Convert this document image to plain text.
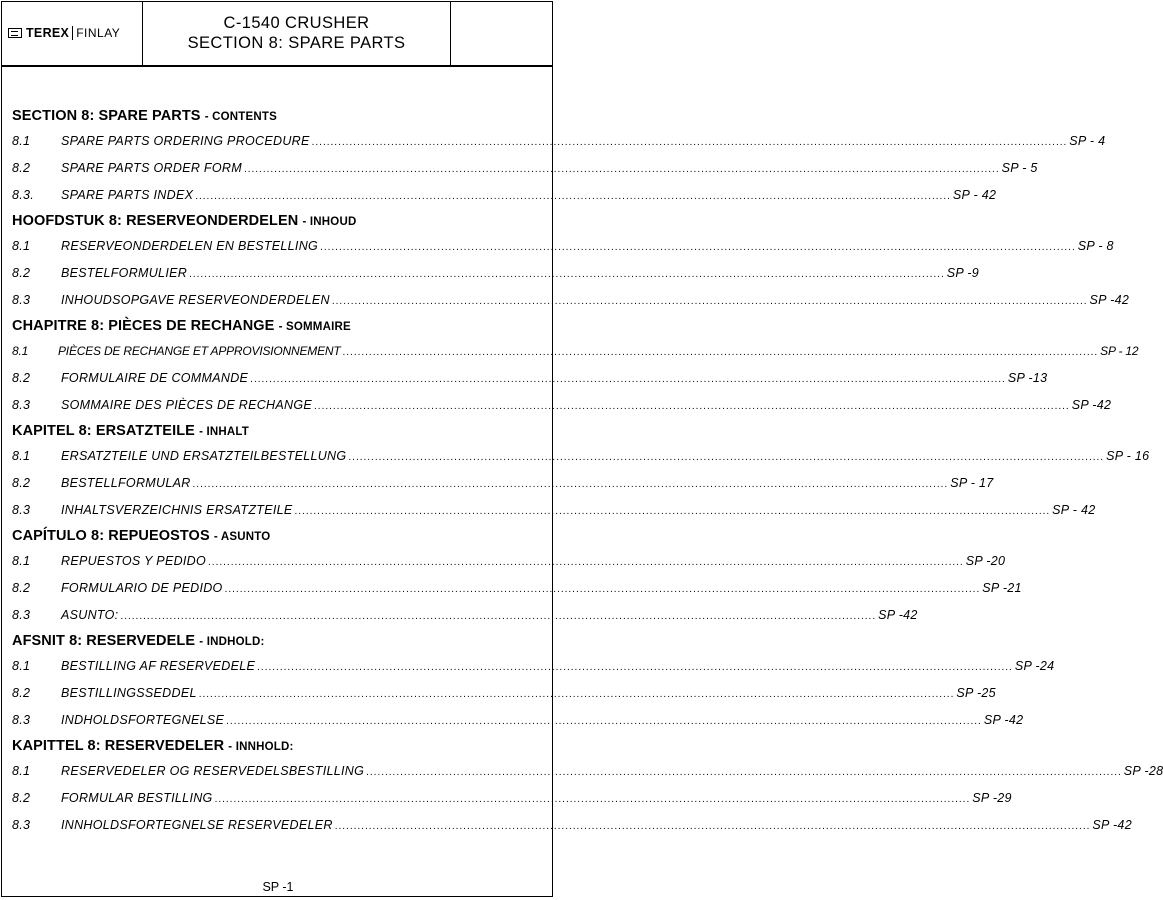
TEREX FINLAY
C-1540 CRUSHER
SECTION 8: SPARE PARTS
SECTION 8: SPARE PARTS - CONTENTS
8.1	SPARE PARTS ORDERING PROCEDURE ........................................................................................................................................................................................................ SP - 4
8.2	SPARE PARTS ORDER FORM ........................................................................................................................................................................................................ SP - 5
8.3.	SPARE PARTS INDEX ........................................................................................................................................................................................................ SP - 42
HOOFDSTUK 8: RESERVEONDERDELEN - INHOUD
8.1	RESERVEONDERDELEN EN BESTELLING ........................................................................................................................................................................................................ SP - 8
8.2	BESTELFORMULIER ........................................................................................................................................................................................................ SP -9
8.3	INHOUDSOPGAVE RESERVEONDERDELEN ........................................................................................................................................................................................................ SP -42
CHAPITRE 8: PIÈCES DE RECHANGE - SOMMAIRE
8.1	PIÈCES DE RECHANGE ET APPROVISIONNEMENT ........................................................................................................................................................................................................ SP - 12
8.2	FORMULAIRE DE COMMANDE ........................................................................................................................................................................................................ SP -13
8.3	SOMMAIRE DES PIÈCES DE RECHANGE ........................................................................................................................................................................................................ SP -42
KAPITEL 8: ERSATZTEILE - INHALT
8.1	ERSATZTEILE UND ERSATZTEILBESTELLUNG ........................................................................................................................................................................................................ SP - 16
8.2	BESTELLFORMULAR ........................................................................................................................................................................................................ SP - 17
8.3	INHALTSVERZEICHNIS ERSATZTEILE ........................................................................................................................................................................................................ SP - 42
CAPÍTULO 8: REPUEOSTOS - ASUNTO
8.1	REPUESTOS Y PEDIDO ........................................................................................................................................................................................................ SP -20
8.2	FORMULARIO DE PEDIDO ........................................................................................................................................................................................................ SP -21
8.3	ASUNTO: ........................................................................................................................................................................................................ SP -42
AFSNIT 8: RESERVEDELE - INDHOLD:
8.1	BESTILLING AF RESERVEDELE ........................................................................................................................................................................................................ SP -24
8.2	BESTILLINGSSEDDEL ........................................................................................................................................................................................................ SP -25
8.3	INDHOLDSFORTEGNELSE ........................................................................................................................................................................................................ SP -42
KAPITTEL 8: RESERVEDELER - INNHOLD:
8.1	RESERVEDELER OG RESERVEDELSBESTILLING ........................................................................................................................................................................................................ SP -28
8.2	FORMULAR BESTILLING ........................................................................................................................................................................................................ SP -29
8.3	INNHOLDSFORTEGNELSE RESERVEDELER ........................................................................................................................................................................................................ SP -42
SP -1
